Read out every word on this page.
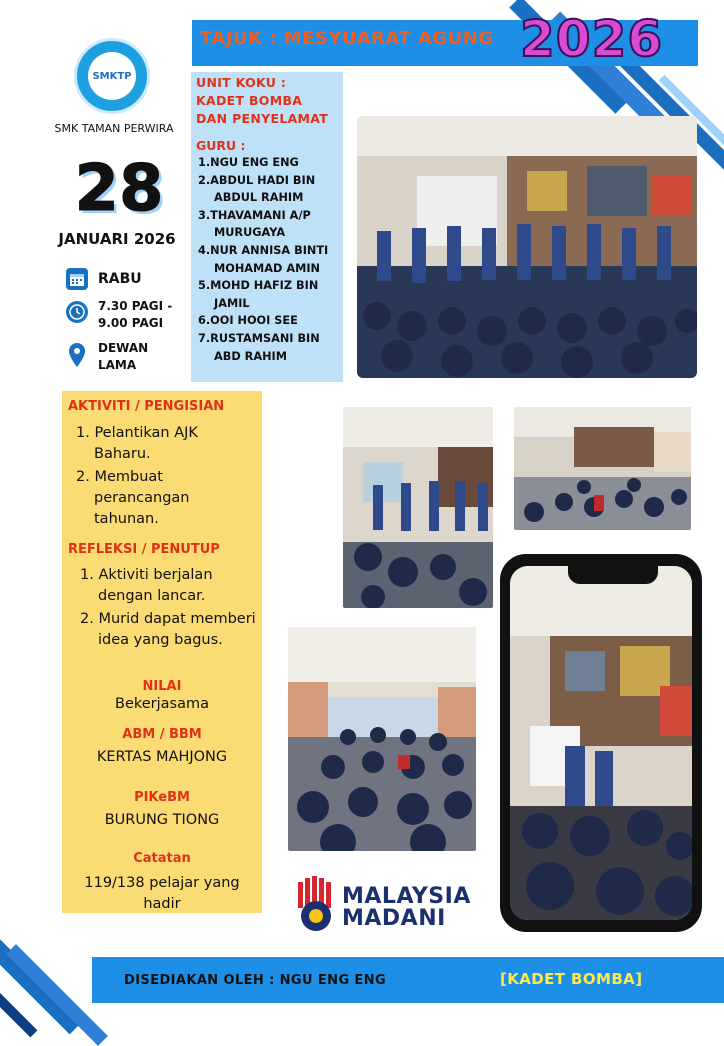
TAJUK : MESYUARAT AGUNG 2026
SMKTP
SMK TAMAN PERWIRA
28
JANUARI 2026
RABU
7.30 PAGI -
9.00 PAGI
DEWAN
LAMA
UNIT KOKU :
KADET BOMBA
DAN PENYELAMAT
GURU :
1.NGU ENG ENG
2.ABDUL HADI BIN ABDUL RAHIM
3.THAVAMANI A/P MURUGAYA
4.NUR ANNISA BINTI MOHAMAD AMIN
5.MOHD HAFIZ BIN JAMIL
6.OOI HOOI SEE
7.RUSTAMSANI BIN ABD RAHIM
AKTIVITI / PENGISIAN
1. Pelantikan AJK Baharu.
2. Membuat perancangan tahunan.
REFLEKSI / PENUTUP
1. Aktiviti berjalan dengan lancar.
2. Murid dapat memberi idea yang bagus.
NILAI
Bekerjasama
ABM / BBM
KERTAS MAHJONG
PIKeBM
BURUNG TIONG
Catatan
119/138 pelajar yang hadir	MALAYSIA
MADANI
DISEDIAKAN OLEH : NGU ENG ENG	[KADET BOMBA]
